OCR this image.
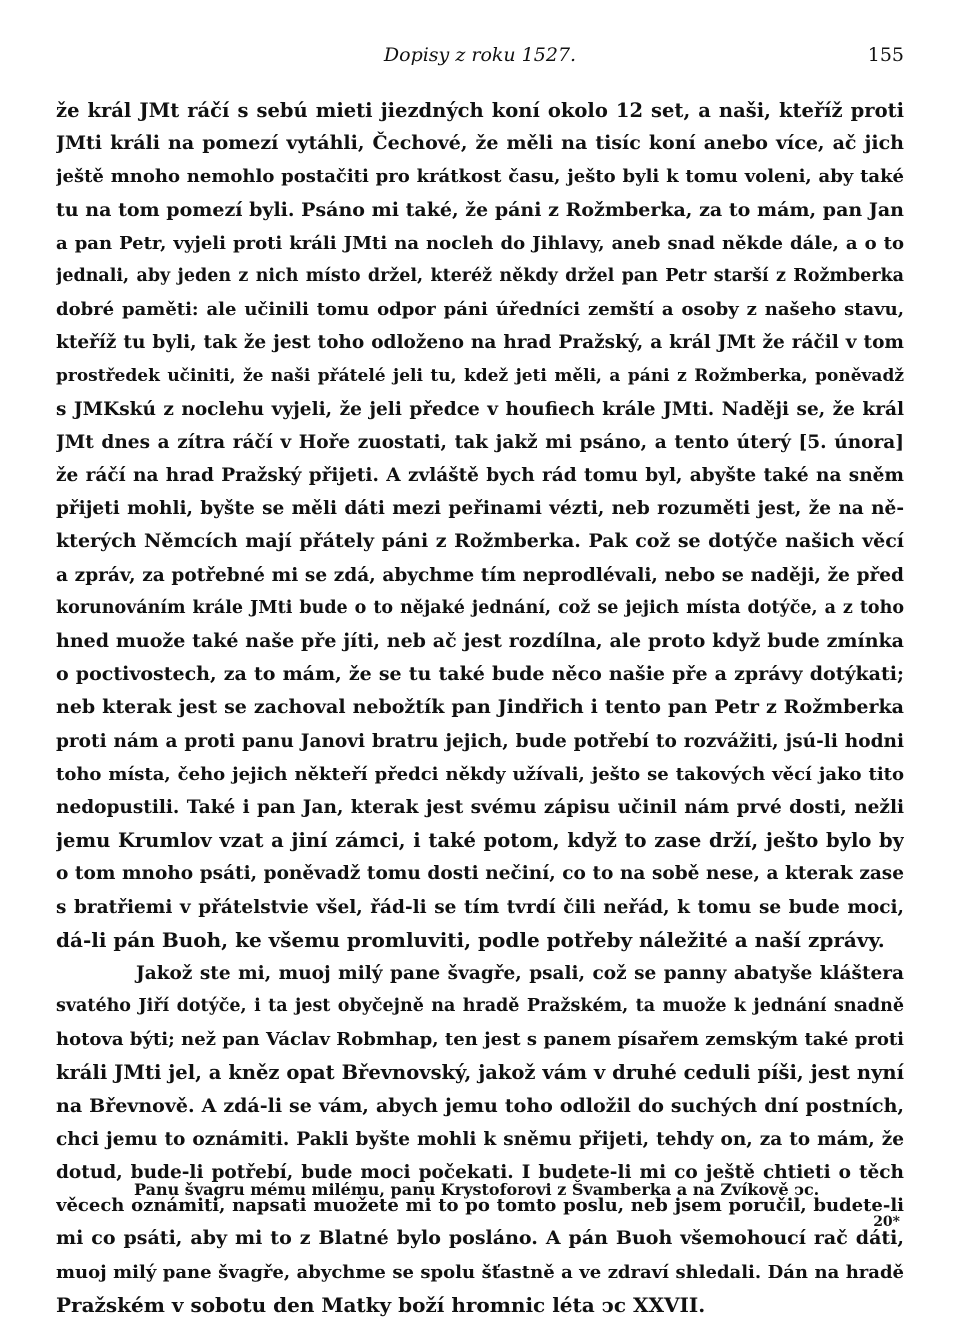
Dopisy z roku 1527.	155
že král JMt ráčí s sebú mieti jiezdných koní okolo 12 set, a naši, kteříž proti
JMti králi na pomezí vytáhli, Čechové, že měli na tisíc koní anebo více, ač jich
ještě mnoho nemohlo postačiti pro krátkost času, ješto byli k tomu voleni, aby také
tu na tom pomezí byli. Psáno mi také, že páni z Rožmberka, za to mám, pan Jan
a pan Petr, vyjeli proti králi JMti na nocleh do Jihlavy, aneb snad někde dále, a o to
jednali, aby jeden z nich místo držel, kteréž někdy držel pan Petr starší z Rožmberka
dobré paměti: ale učinili tomu odpor páni úředníci zemští a osoby z našeho stavu,
kteříž tu byli, tak že jest toho odloženo na hrad Pražský, a král JMt že ráčil v tom
prostředek učiniti, že naši přátelé jeli tu, kdež jeti měli, a páni z Rožmberka, poněvadž
s JMKskú z noclehu vyjeli, že jeli předce v houfiech krále JMti. Naději se, že král
JMt dnes a zítra ráčí v Hoře zuostati, tak jakž mi psáno, a tento úterý [5. února]
že ráčí na hrad Pražský přijeti. A zvláště bych rád tomu byl, abyšte také na sněm
přijeti mohli, byšte se měli dáti mezi peřinami vézti, neb rozuměti jest, že na ně-
kterých Němcích mají přátely páni z Rožmberka. Pak což se dotýče našich věcí
a zpráv, za potřebné mi se zdá, abychme tím neprodlévali, nebo se naději, že před
korunováním krále JMti bude o to nějaké jednání, což se jejich místa dotýče, a z toho
hned muože také naše pře jíti, neb ač jest rozdílna, ale proto když bude zmínka
o poctivostech, za to mám, že se tu také bude něco našie pře a zprávy dotýkati;
neb kterak jest se zachoval nebožtík pan Jindřich i tento pan Petr z Rožmberka
proti nám a proti panu Janovi bratru jejich, bude potřebí to rozvážiti, jsú-li hodni
toho místa, čeho jejich někteří předci někdy užívali, ješto se takových věcí jako tito
nedopustili. Také i pan Jan, kterak jest svému zápisu učinil nám prvé dosti, nežli
jemu Krumlov vzat a jiní zámci, i také potom, když to zase drží, ješto bylo by
o tom mnoho psáti, poněvadž tomu dosti nečiní, co to na sobě nese, a kterak zase
s bratřiemi v přátelstvie všel, řád-li se tím tvrdí čili neřád, k tomu se bude moci,
dá-li pán Buoh, ke všemu promluviti, podle potřeby náležité a naší zprávy.
Jakož ste mi, muoj milý pane švagře, psali, což se panny abatyše kláštera
svatého Jiří dotýče, i ta jest obyčejně na hradě Pražském, ta muože k jednání snadně
hotova býti; než pan Václav Robmhap, ten jest s panem písařem zemským také proti
králi JMti jel, a kněz opat Břevnovský, jakož vám v druhé ceduli píši, jest nyní
na Břevnově. A zdá-li se vám, abych jemu toho odložil do suchých dní postních,
chci jemu to oznámiti. Pakli byšte mohli k sněmu přijeti, tehdy on, za to mám, že
dotud, bude-li potřebí, bude moci počekati. I budete-li mi co ještě chtieti o těch
věcech oznámiti, napsati muožete mi to po tomto poslu, neb jsem poručil, budete-li
mi co psáti, aby mi to z Blatné bylo posláno. A pán Buoh všemohoucí rač dáti,
muoj milý pane švagře, abychme se spolu šťastně a ve zdraví shledali. Dán na hradě
Pražském v sobotu den Matky boží hromnic léta ↄc XXVII.
Panu švagru mému milému, panu Krystoforovi z Švamberka a na Zvíkově ↄc.
20*
